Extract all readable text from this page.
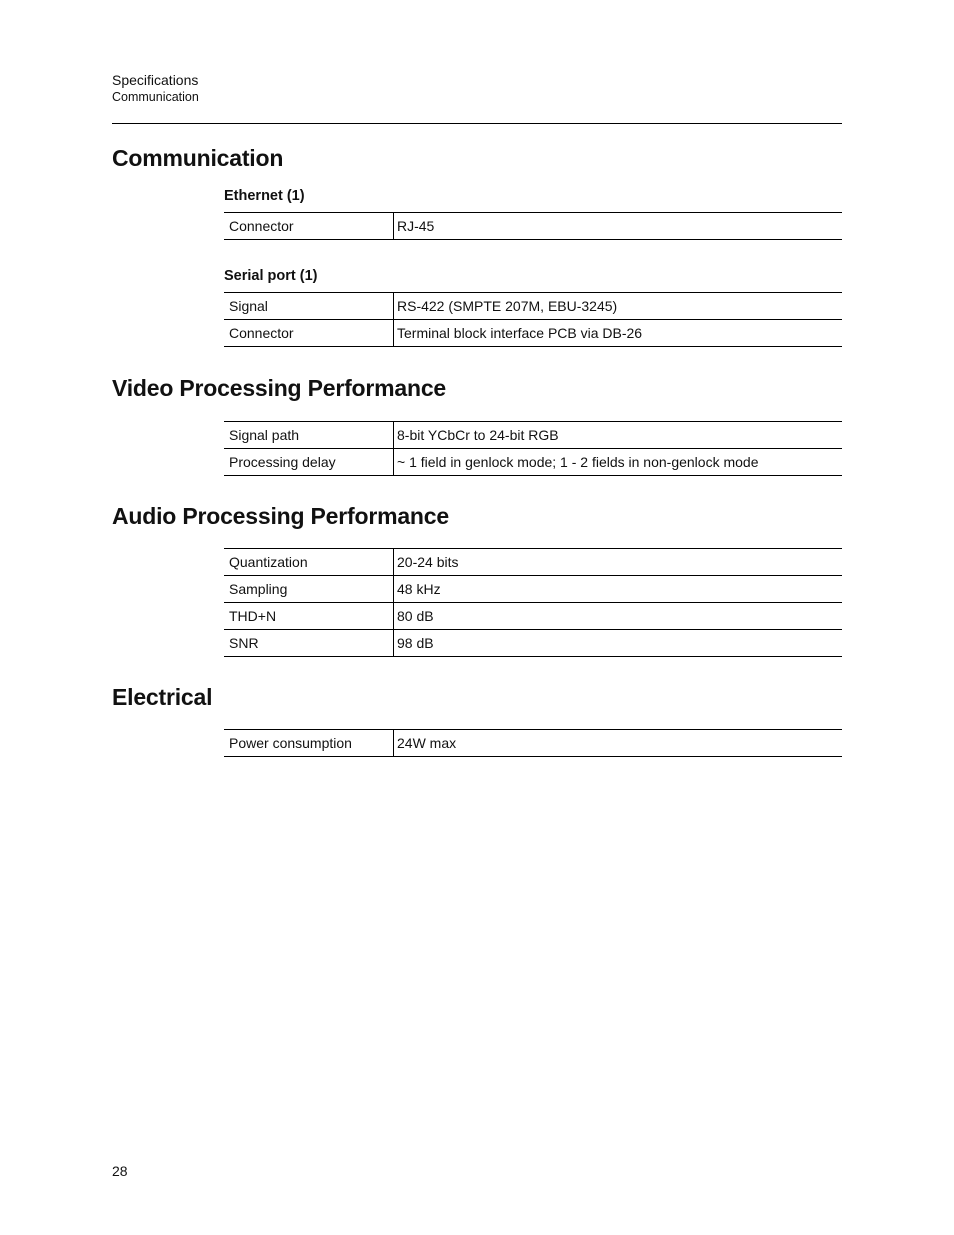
Specifications
Communication
Communication
Ethernet (1)
Connector	RJ-45
Serial port (1)
Signal	RS-422 (SMPTE 207M, EBU-3245)
Connector	Terminal block interface PCB via DB-26
Video Processing Performance
Signal path	8-bit YCbCr to 24-bit RGB
Processing delay	~ 1 field in genlock mode; 1 - 2 fields in non-genlock mode
Audio Processing Performance
Quantization	20-24 bits
Sampling	48 kHz
THD+N	80 dB
SNR	98 dB
Electrical
Power consumption	24W max
28
